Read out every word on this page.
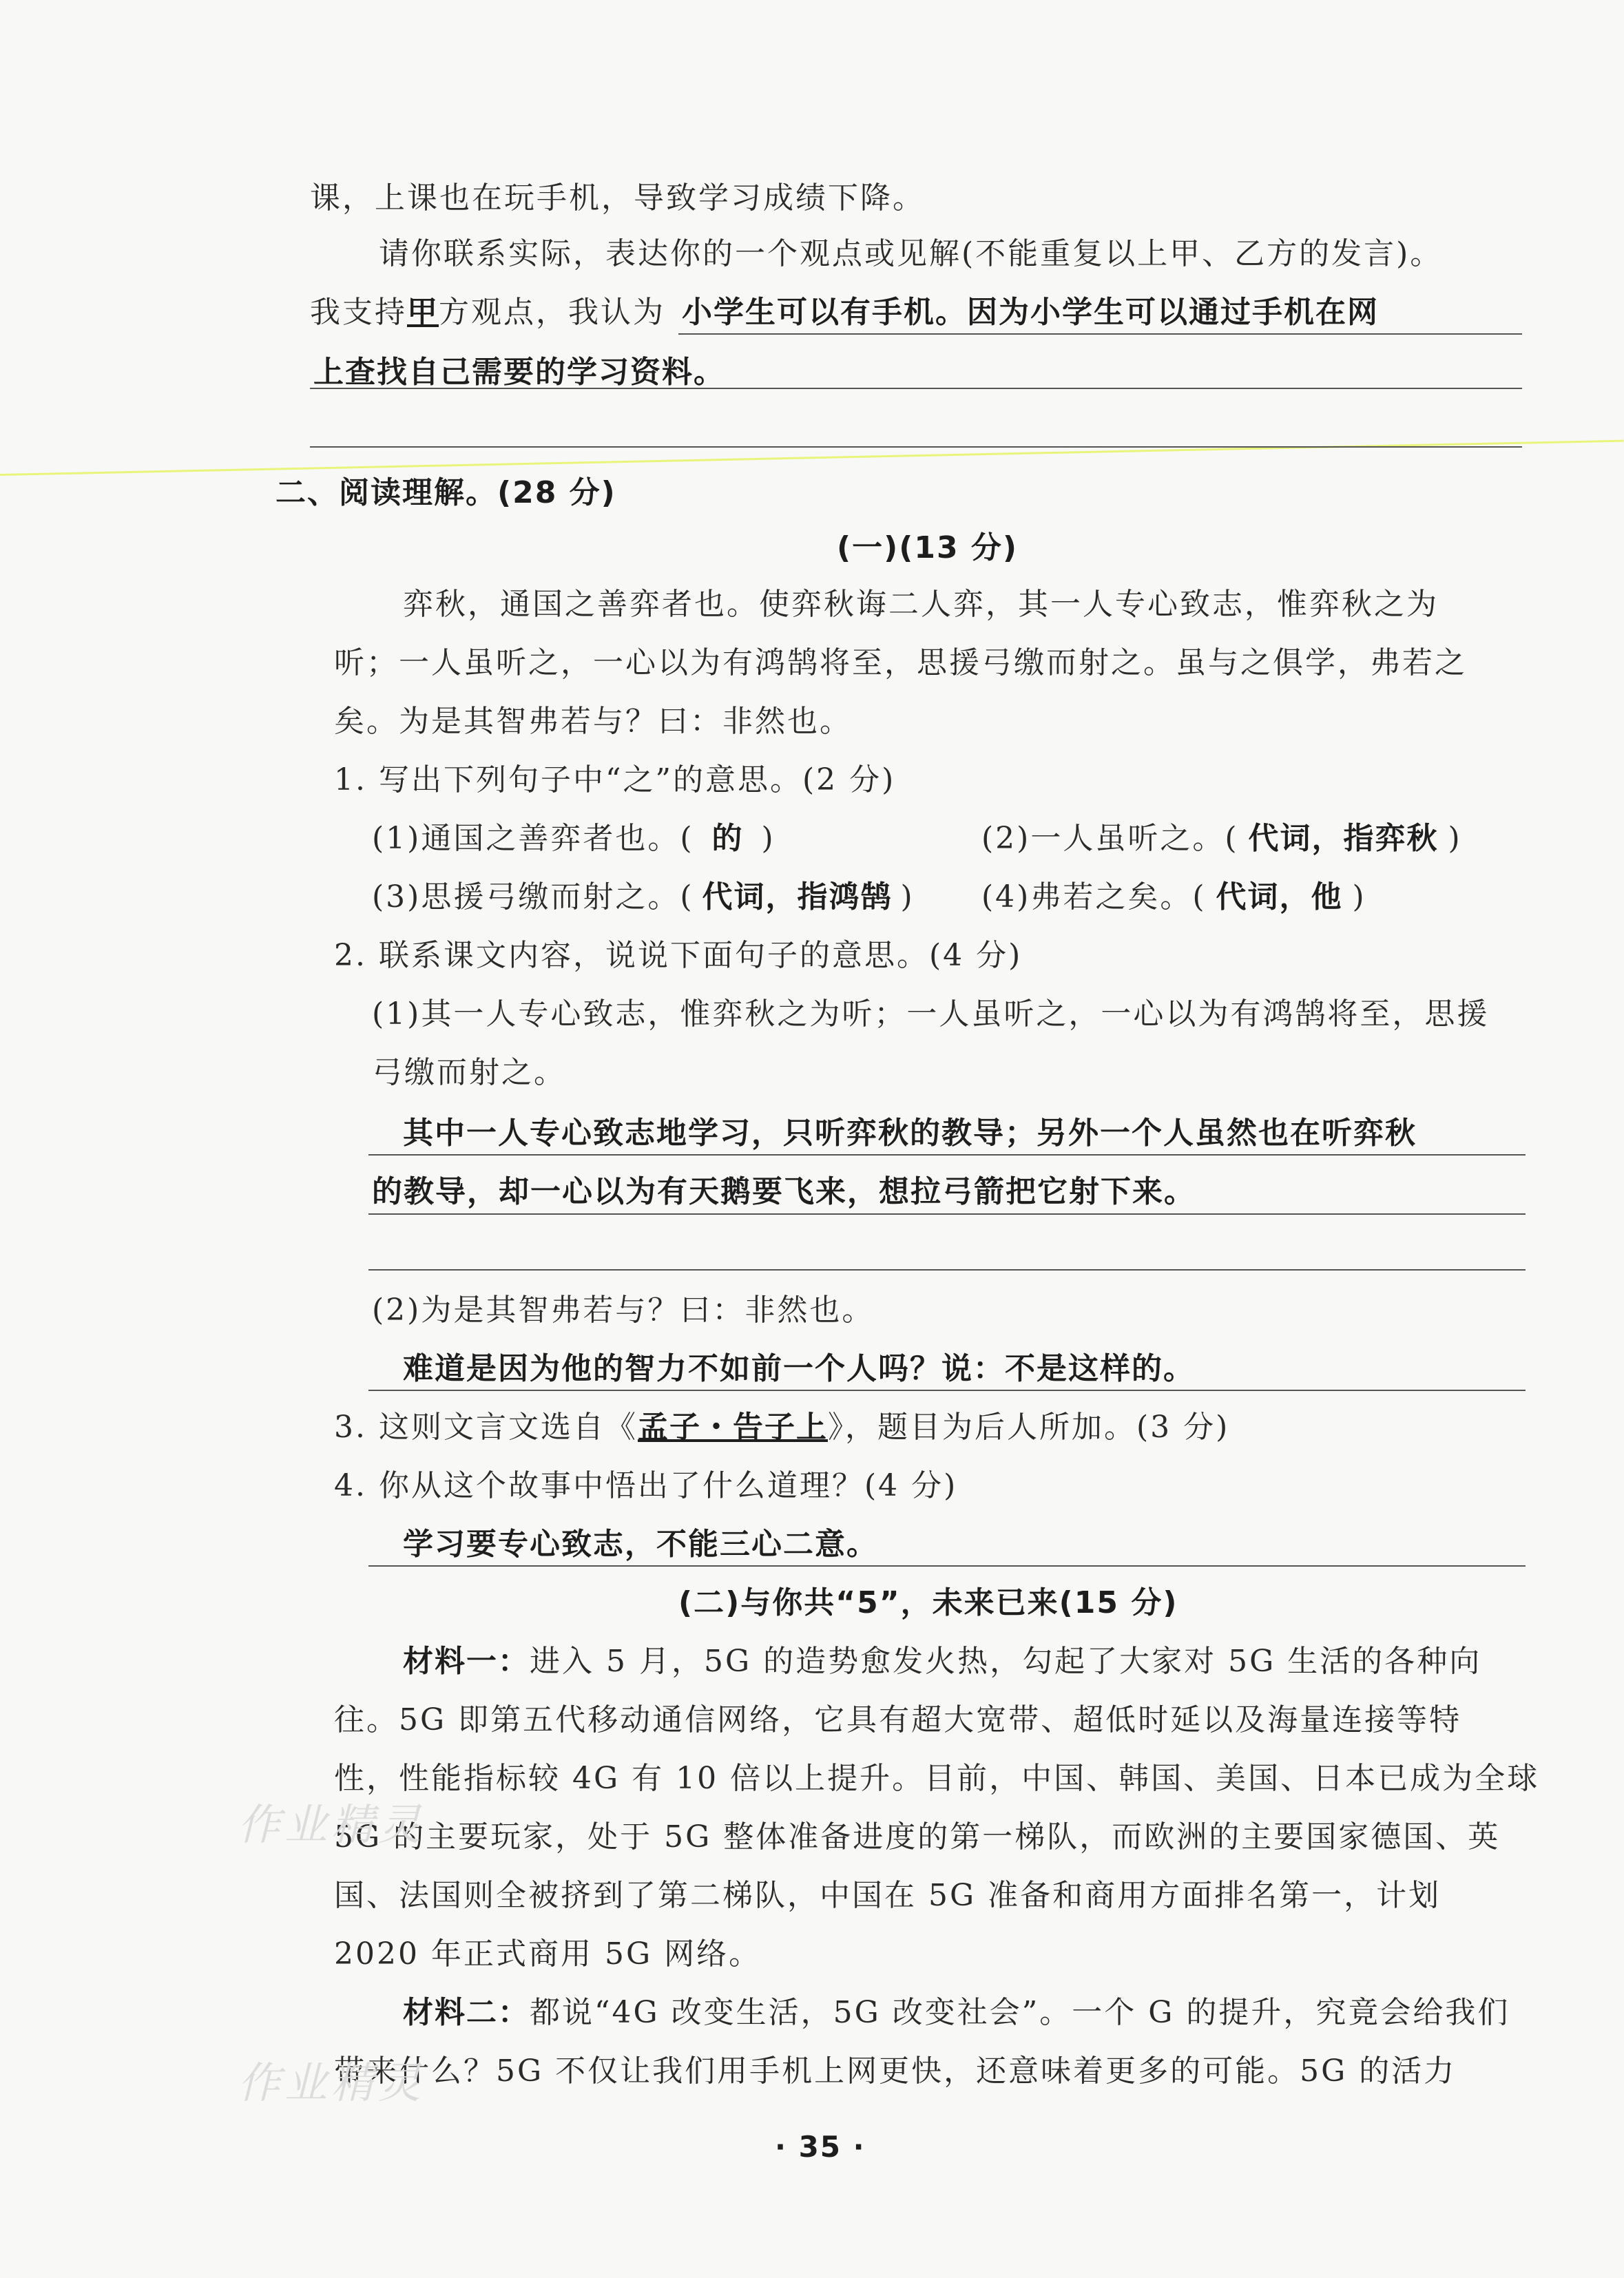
课，上课也在玩手机，导致学习成绩下降。
请你联系实际，表达你的一个观点或见解(不能重复以上甲、乙方的发言)。
我支持甲方观点，我认为 小学生可以有手机。因为小学生可以通过手机在网
上查找自己需要的学习资料。
二、阅读理解。(28 分)
(一)(13 分)
弈秋，通国之善弈者也。使弈秋诲二人弈，其一人专心致志，惟弈秋之为
听；一人虽听之，一心以为有鸿鹄将至，思援弓缴而射之。虽与之俱学，弗若之
矣。为是其智弗若与？曰：非然也。
1. 写出下列句子中“之”的意思。(2 分)
(1)通国之善弈者也。( 的 )	(2)一人虽听之。( 代词，指弈秋 )
(3)思援弓缴而射之。( 代词，指鸿鹄 ) (4)弗若之矣。( 代词，他 )
2. 联系课文内容，说说下面句子的意思。(4 分)
(1)其一人专心致志，惟弈秋之为听；一人虽听之，一心以为有鸿鹄将至，思援
弓缴而射之。
其中一人专心致志地学习，只听弈秋的教导；另外一个人虽然也在听弈秋
的教导，却一心以为有天鹅要飞来，想拉弓箭把它射下来。
(2)为是其智弗若与？曰：非然也。
难道是因为他的智力不如前一个人吗？说：不是这样的。
3. 这则文言文选自《孟子・告子上》，题目为后人所加。(3 分)
4. 你从这个故事中悟出了什么道理？(4 分)
学习要专心致志，不能三心二意。
(二)与你共“5”，未来已来(15 分)
材料一：进入 5 月，5G 的造势愈发火热，勾起了大家对 5G 生活的各种向
往。5G 即第五代移动通信网络，它具有超大宽带、超低时延以及海量连接等特
性，性能指标较 4G 有 10 倍以上提升。目前，中国、韩国、美国、日本已成为全球
5G 的主要玩家，处于 5G 整体准备进度的第一梯队，而欧洲的主要国家德国、英
国、法国则全被挤到了第二梯队，中国在 5G 准备和商用方面排名第一，计划
2020 年正式商用 5G 网络。
材料二：都说“4G 改变生活，5G 改变社会”。一个 G 的提升，究竟会给我们
带来什么？5G 不仅让我们用手机上网更快，还意味着更多的可能。5G 的活力
作业精灵
作业精灵
· 35 ·
